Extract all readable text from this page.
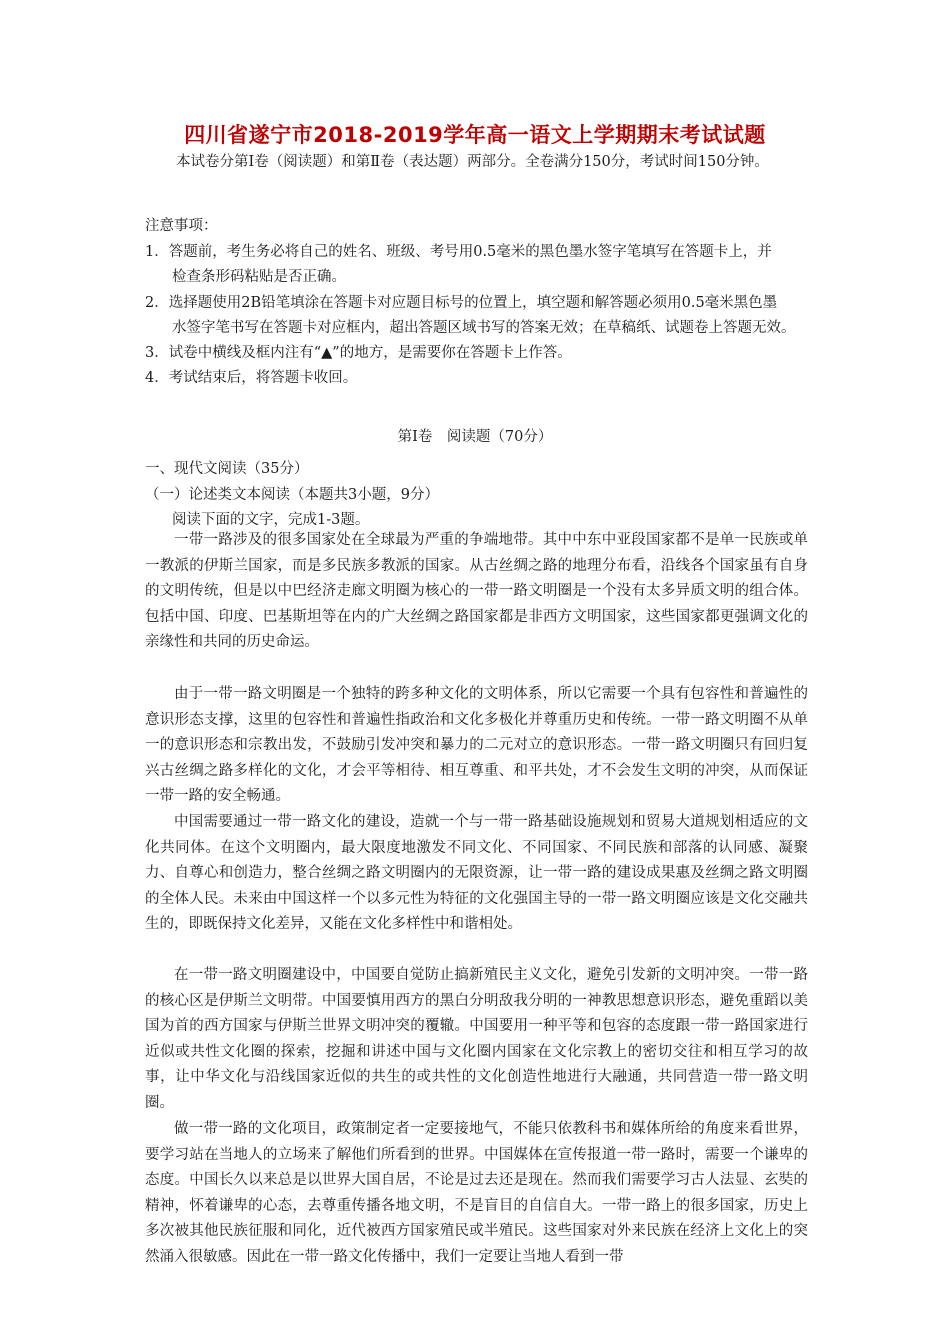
四川省遂宁市2018-2019学年高一语文上学期期末考试试题
本试卷分第Ⅰ卷（阅读题）和第Ⅱ卷（表达题）两部分。全卷满分150分，考试时间150分钟。
注意事项：
1．答题前，考生务必将自己的姓名、班级、考号用0.5毫米的黑色墨水签字笔填写在答题卡上，并
检查条形码粘贴是否正确。
2．选择题使用2B铅笔填涂在答题卡对应题目标号的位置上，填空题和解答题必须用0.5毫米黑色墨
水签字笔书写在答题卡对应框内，超出答题区域书写的答案无效；在草稿纸、试题卷上答题无效。
3．试卷中横线及框内注有“▲”的地方，是需要你在答题卡上作答。
4．考试结束后，将答题卡收回。
第Ⅰ卷　阅读题（70分）
一、现代文阅读（35分）
（一）论述类文本阅读（本题共3小题，9分）
阅读下面的文字，完成1-3题。

一带一路涉及的很多国家处在全球最为严重的争端地带。其中中东中亚段国家都不是单一民族或单一教派的伊斯兰国家，而是多民族多教派的国家。从古丝绸之路的地理分布看，沿线各个国家虽有自身的文明传统，但是以中巴经济走廊文明圈为核心的一带一路文明圈是一个没有太多异质文明的组合体。包括中国、印度、巴基斯坦等在内的广大丝绸之路国家都是非西方文明国家，这些国家都更强调文化的亲缘性和共同的历史命运。

由于一带一路文明圈是一个独特的跨多种文化的文明体系，所以它需要一个具有包容性和普遍性的意识形态支撑，这里的包容性和普遍性指政治和文化多极化并尊重历史和传统。一带一路文明圈不从单一的意识形态和宗教出发，不鼓励引发冲突和暴力的二元对立的意识形态。一带一路文明圈只有回归复兴古丝绸之路多样化的文化，才会平等相待、相互尊重、和平共处，才不会发生文明的冲突，从而保证一带一路的安全畅通。

中国需要通过一带一路文化的建设，造就一个与一带一路基础设施规划和贸易大道规划相适应的文化共同体。在这个文明圈内，最大限度地激发不同文化、不同国家、不同民族和部落的认同感、凝聚力、自尊心和创造力，整合丝绸之路文明圈内的无限资源，让一带一路的建设成果惠及丝绸之路文明圈的全体人民。未来由中国这样一个以多元性为特征的文化强国主导的一带一路文明圈应该是文化交融共生的，即既保持文化差异，又能在文化多样性中和谐相处。

在一带一路文明圈建设中，中国要自觉防止搞新殖民主义文化，避免引发新的文明冲突。一带一路的核心区是伊斯兰文明带。中国要慎用西方的黑白分明敌我分明的一神教思想意识形态，避免重蹈以美国为首的西方国家与伊斯兰世界文明冲突的覆辙。中国要用一种平等和包容的态度跟一带一路国家进行近似或共性文化圈的探索，挖掘和讲述中国与文化圈内国家在文化宗教上的密切交往和相互学习的故事，让中华文化与沿线国家近似的共生的或共性的文化创造性地进行大融通，共同营造一带一路文明圈。

做一带一路的文化项目，政策制定者一定要接地气，不能只依教科书和媒体所给的角度来看世界，要学习站在当地人的立场来了解他们所看到的世界。中国媒体在宣传报道一带一路时，需要一个谦卑的态度。中国长久以来总是以世界大国自居，不论是过去还是现在。然而我们需要学习古人法显、玄奘的精神，怀着谦卑的心态，去尊重传播各地文明，不是盲目的自信自大。一带一路上的很多国家，历史上多次被其他民族征服和同化，近代被西方国家殖民或半殖民。这些国家对外来民族在经济上文化上的突然涌入很敏感。因此在一带一路文化传播中，我们一定要让当地人看到一带
